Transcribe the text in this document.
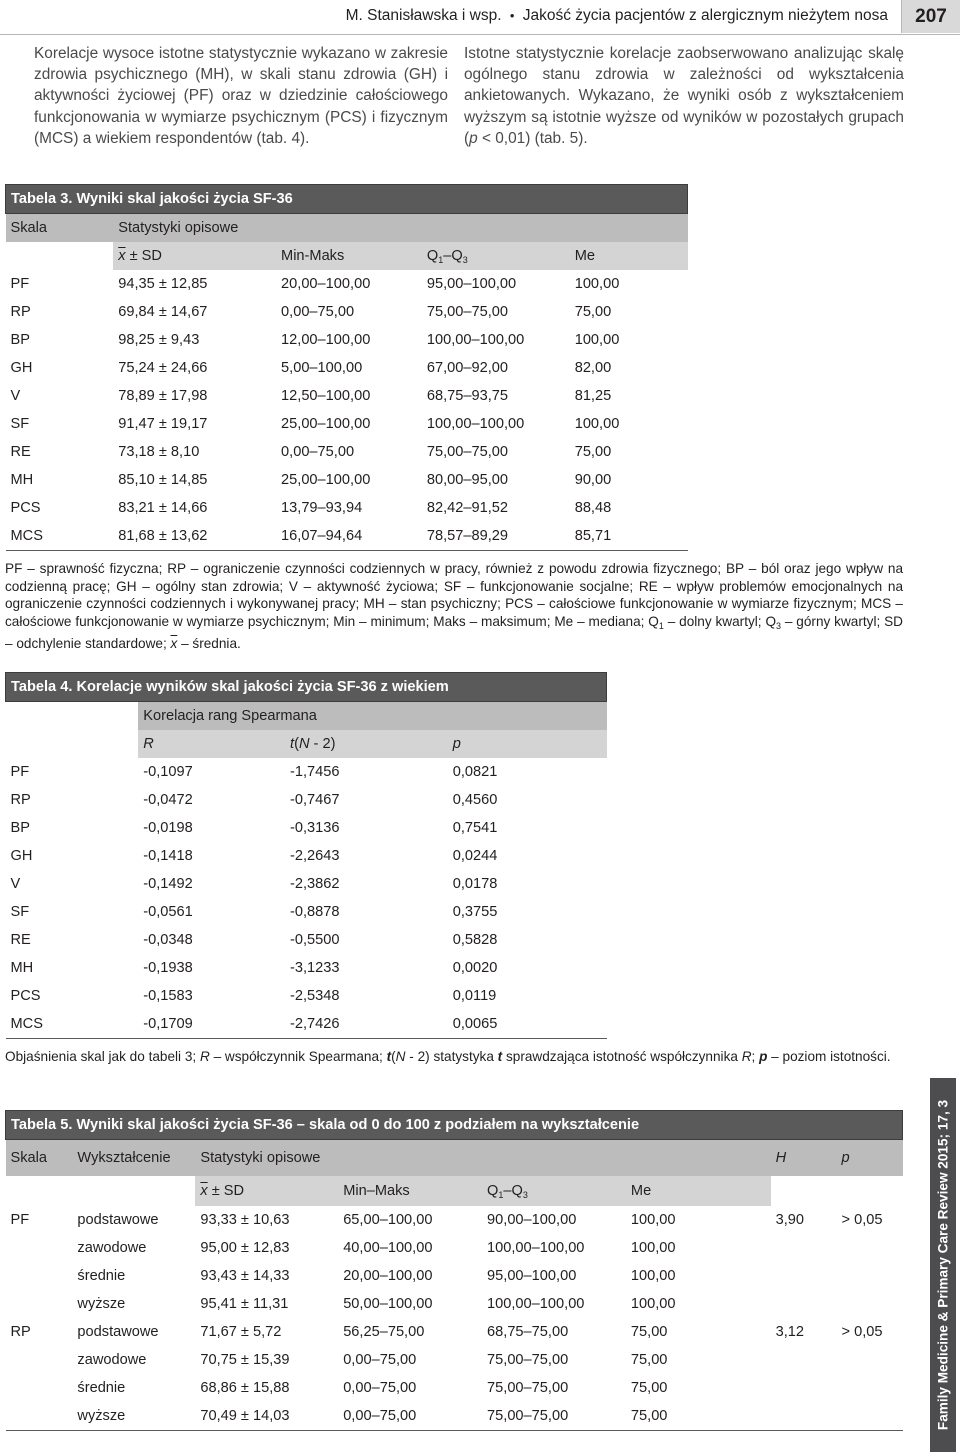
M. Stanisławska i wsp. • Jakość życia pacjentów z alergicznym nieżytem nosa	207

Korelacje wysoce istotne statystycznie wykazano w zakresie zdrowia psychicznego (MH), w skali stanu zdrowia (GH) i aktywności życiowej (PF) oraz w dziedzinie całościowego funkcjonowania w wymiarze psychicznym (PCS) i fizycznym (MCS) a wiekiem respondentów (tab. 4).

Istotne statystycznie korelacje zaobserwowano analizując skalę ogólnego stanu zdrowia w zależności od wykształcenia ankietowanych. Wykazano, że wyniki osób z wykształceniem wyższym są istotnie wyższe od wyników w pozostałych grupach (p < 0,01) (tab. 5).

Tabela 3. Wyniki skal jakości życia SF-36				
Skala	Statystyki opisowe			
	$\overline{x}$ ± SD	Min-Maks	$Q_1-Q_3$	Me
PF	94,35 ± 12,85	20,00–100,00	95,00–100,00	100,00
RP	69,84 ± 14,67	0,00–75,00	75,00–75,00	75,00
BP	98,25 ± 9,43	12,00–100,00	100,00–100,00	100,00
GH	75,24 ± 24,66	5,00–100,00	67,00–92,00	82,00
V	78,89 ± 17,98	12,50–100,00	68,75–93,75	81,25
SF	91,47 ± 19,17	25,00–100,00	100,00–100,00	100,00
RE	73,18 ± 8,10	0,00–75,00	75,00–75,00	75,00
MH	85,10 ± 14,85	25,00–100,00	80,00–95,00	90,00
PCS	83,21 ± 14,66	13,79–93,94	82,42–91,52	88,48
MCS	81,68 ± 13,62	16,07–94,64	78,57–89,29	85,71

PF – sprawność fizyczna; RP – ograniczenie czynności codziennych w pracy, również z powodu zdrowia fizycznego; BP – ból oraz jego wpływ na codzienną pracę; GH – ogólny stan zdrowia; V – aktywność życiowa; SF – funkcjonowanie socjalne; RE – wpływ problemów emocjonalnych na ograniczenie czynności codziennych i wykonywanej pracy; MH – stan psychiczny; PCS – całościowe funkcjonowanie w wymiarze fizycznym; MCS – całościowe funkcjonowanie w wymiarze psychicznym; Min – minimum; Maks – maksimum; Me – mediana; $Q_1$ – dolny kwartyl; $Q_3$ – górny kwartyl; SD – odchylenie standardowe; $\overline{x}$ – średnia.

Tabela 4. Korelacje wyników skal jakości życia SF-36 z wiekiem			
	Korelacja rang Spearmana		
	R	t(N - 2)	p
PF	-0,1097	-1,7456	0,0821
RP	-0,0472	-0,7467	0,4560
BP	-0,0198	-0,3136	0,7541
GH	-0,1418	-2,2643	0,0244
V	-0,1492	-2,3862	0,0178
SF	-0,0561	-0,8878	0,3755
RE	-0,0348	-0,5500	0,5828
MH	-0,1938	-3,1233	0,0020
PCS	-0,1583	-2,5348	0,0119
MCS	-0,1709	-2,7426	0,0065

Objaśnienia skal jak do tabeli 3; R – współczynnik Spearmana; t(N - 2) statystyka t sprawdzająca istotność współczynnika R; p – poziom istotności.

Tabela 5. Wyniki skal jakości życia SF-36 – skala od 0 do 100 z podziałem na wykształcenie							
Skala	Wykształcenie	Statystyki opisowe				H	p
		$\overline{x}$ ± SD	Min–Maks	$Q_1-Q_3$	Me		
PF	podstawowe	93,33 ± 10,63	65,00–100,00	90,00–100,00	100,00	3,90	> 0,05
	zawodowe	95,00 ± 12,83	40,00–100,00	100,00–100,00	100,00		
	średnie	93,43 ± 14,33	20,00–100,00	95,00–100,00	100,00		
	wyższe	95,41 ± 11,31	50,00–100,00	100,00–100,00	100,00		
RP	podstawowe	71,67 ± 5,72	56,25–75,00	68,75–75,00	75,00	3,12	> 0,05
	zawodowe	70,75 ± 15,39	0,00–75,00	75,00–75,00	75,00		
	średnie	68,86 ± 15,88	0,00–75,00	75,00–75,00	75,00		
	wyższe	70,49 ± 14,03	0,00–75,00	75,00–75,00	75,00			Family Medicine & Primary Care Review 2015; 17, 3
